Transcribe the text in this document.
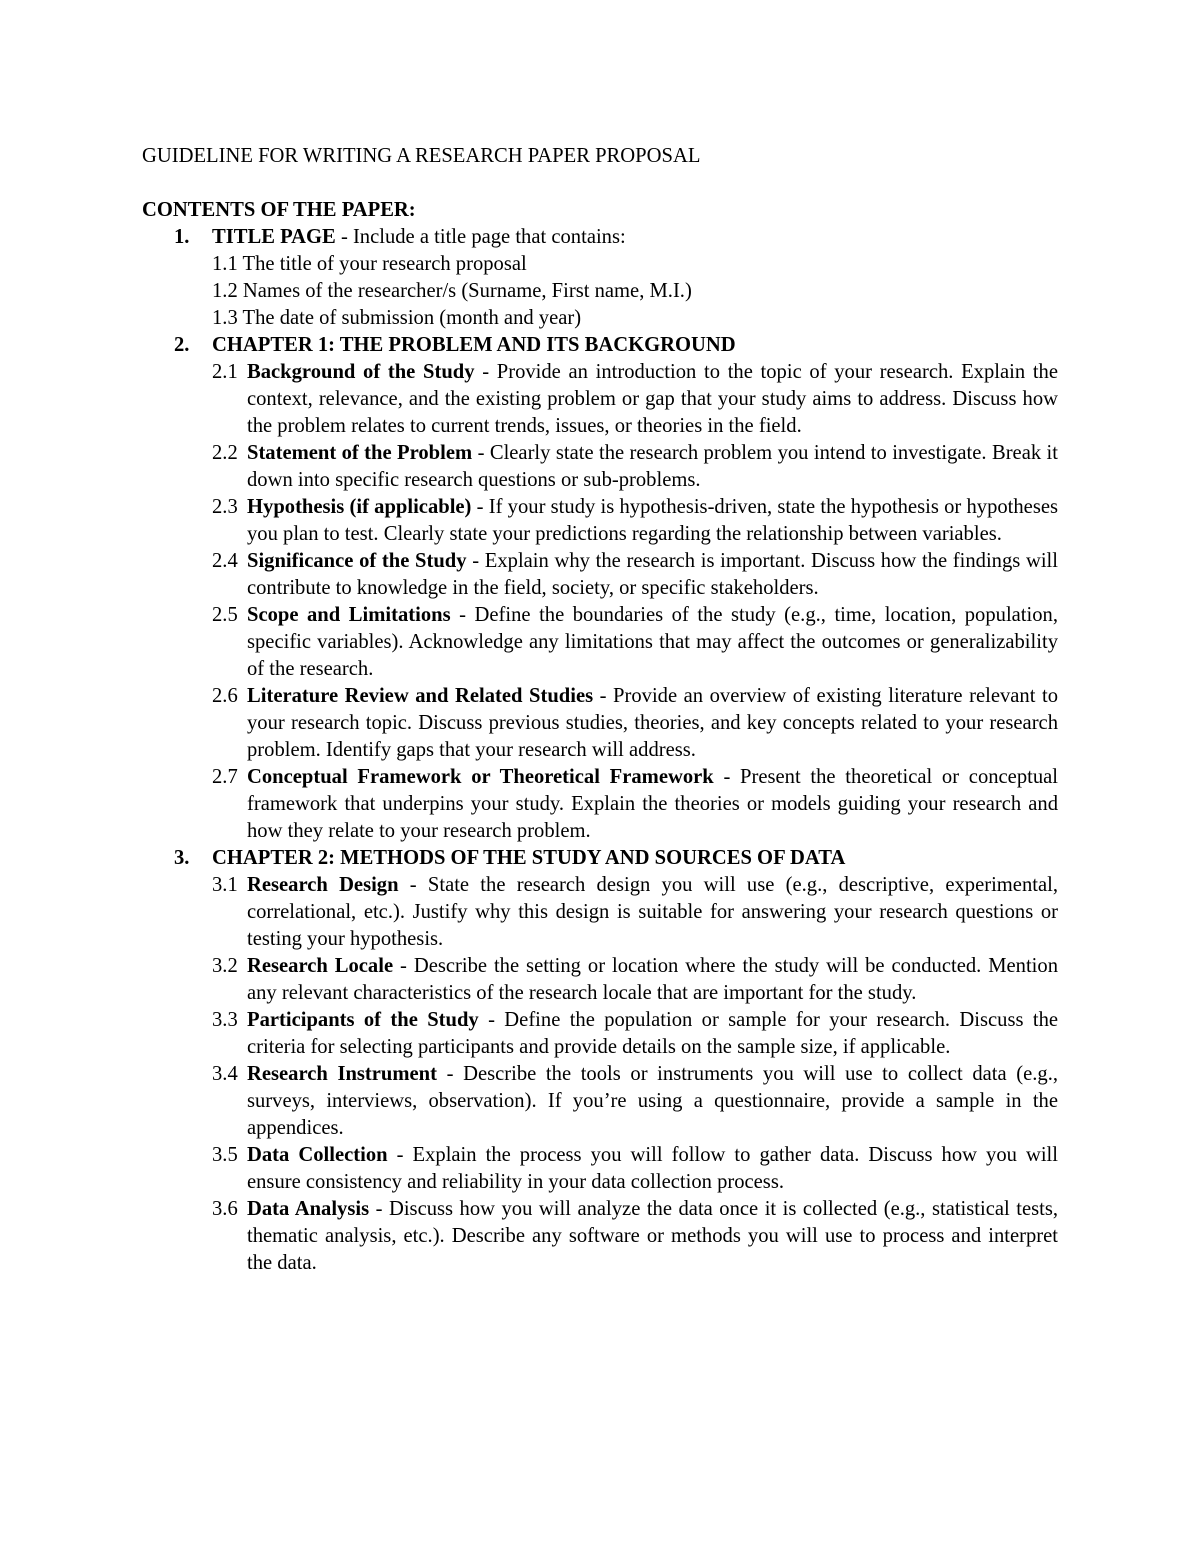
GUIDELINE FOR WRITING A RESEARCH PAPER PROPOSAL
CONTENTS OF THE PAPER:
1. TITLE PAGE - Include a title page that contains:
1.1 The title of your research proposal
1.2 Names of the researcher/s (Surname, First name, M.I.)
1.3 The date of submission (month and year)
2. CHAPTER 1: THE PROBLEM AND ITS BACKGROUND
2.1 Background of the Study - Provide an introduction to the topic of your research. Explain the context, relevance, and the existing problem or gap that your study aims to address. Discuss how the problem relates to current trends, issues, or theories in the field.
2.2 Statement of the Problem - Clearly state the research problem you intend to investigate. Break it down into specific research questions or sub-problems.
2.3 Hypothesis (if applicable) - If your study is hypothesis-driven, state the hypothesis or hypotheses you plan to test. Clearly state your predictions regarding the relationship between variables.
2.4 Significance of the Study - Explain why the research is important. Discuss how the findings will contribute to knowledge in the field, society, or specific stakeholders.
2.5 Scope and Limitations - Define the boundaries of the study (e.g., time, location, population, specific variables). Acknowledge any limitations that may affect the outcomes or generalizability of the research.
2.6 Literature Review and Related Studies - Provide an overview of existing literature relevant to your research topic. Discuss previous studies, theories, and key concepts related to your research problem. Identify gaps that your research will address.
2.7 Conceptual Framework or Theoretical Framework - Present the theoretical or conceptual framework that underpins your study. Explain the theories or models guiding your research and how they relate to your research problem.
3. CHAPTER 2: METHODS OF THE STUDY AND SOURCES OF DATA
3.1 Research Design - State the research design you will use (e.g., descriptive, experimental, correlational, etc.). Justify why this design is suitable for answering your research questions or testing your hypothesis.
3.2 Research Locale - Describe the setting or location where the study will be conducted. Mention any relevant characteristics of the research locale that are important for the study.
3.3 Participants of the Study - Define the population or sample for your research. Discuss the criteria for selecting participants and provide details on the sample size, if applicable.
3.4 Research Instrument - Describe the tools or instruments you will use to collect data (e.g., surveys, interviews, observation). If you’re using a questionnaire, provide a sample in the appendices.
3.5 Data Collection - Explain the process you will follow to gather data. Discuss how you will ensure consistency and reliability in your data collection process.
3.6 Data Analysis - Discuss how you will analyze the data once it is collected (e.g., statistical tests, thematic analysis, etc.). Describe any software or methods you will use to process and interpret the data.
